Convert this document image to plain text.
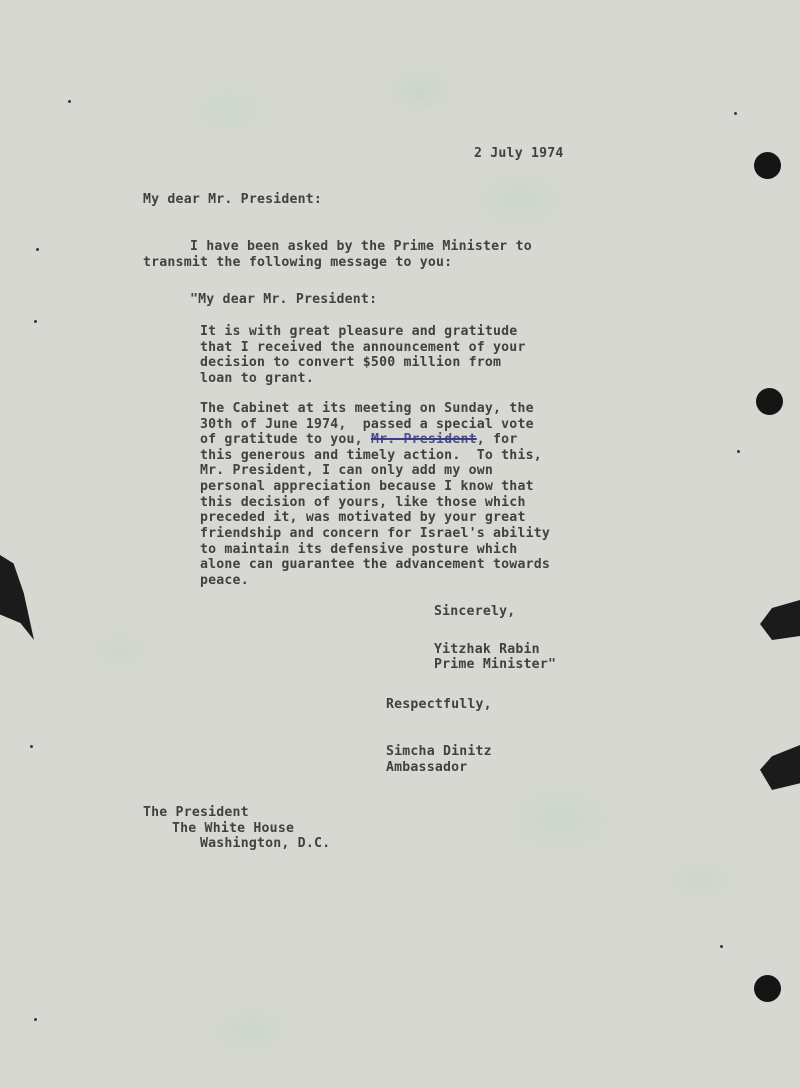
2 July 1974
My dear Mr. President:
I have been asked by the Prime Minister to
transmit the following message to you:
"My dear Mr. President:
It is with great pleasure and gratitude
that I received the announcement of your
decision to convert $500 million from
loan to grant.
The Cabinet at its meeting on Sunday, the
30th of June 1974,  passed a special vote
of gratitude to you, Mr. President, for
this generous and timely action.  To this,
Mr. President, I can only add my own
personal appreciation because I know that
this decision of yours, like those which
preceded it, was motivated by your great
friendship and concern for Israel's ability
to maintain its defensive posture which
alone can guarantee the advancement towards
peace.
Sincerely,
Yitzhak Rabin
Prime Minister"
Respectfully,
Simcha Dinitz
Ambassador
The President
The White House
Washington, D.C.
